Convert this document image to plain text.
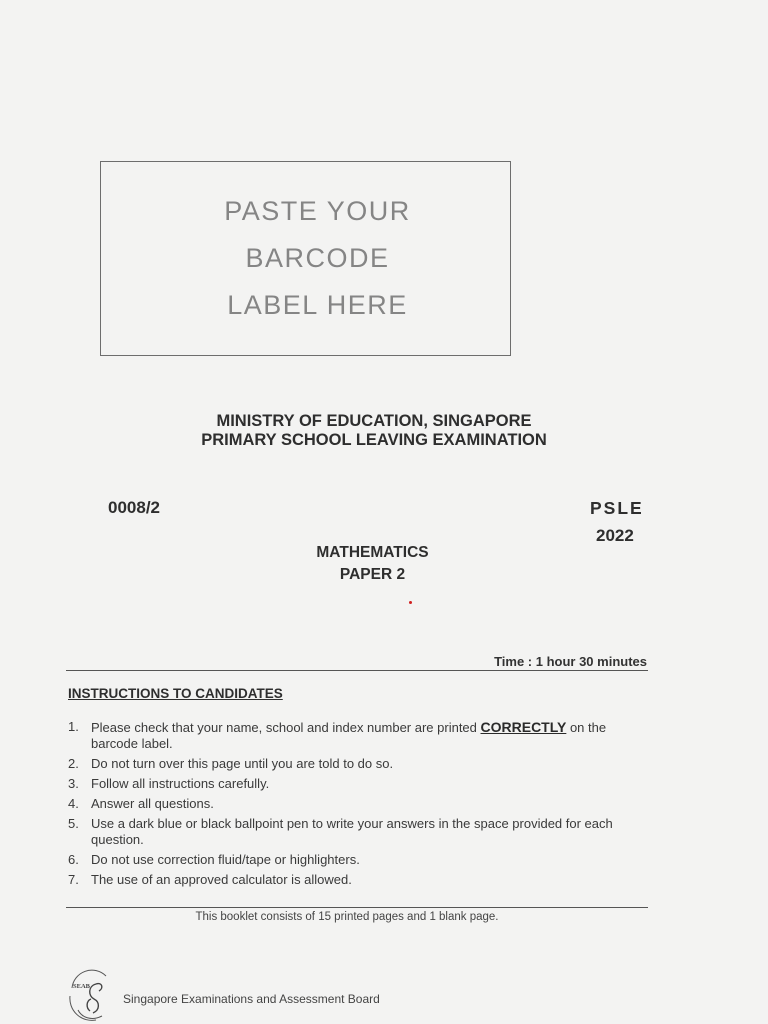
PASTE YOUR
BARCODE
LABEL HERE
MINISTRY OF EDUCATION, SINGAPORE
PRIMARY SCHOOL LEAVING EXAMINATION
0008/2	PSLE
2022
MATHEMATICS
PAPER 2
Time : 1 hour 30 minutes
INSTRUCTIONS TO CANDIDATES
1. Please check that your name, school and index number are printed CORRECTLY on the barcode label.
2. Do not turn over this page until you are told to do so.
3. Follow all instructions carefully.
4. Answer all questions.
5. Use a dark blue or black ballpoint pen to write your answers in the space provided for each question.
6. Do not use correction fluid/tape or highlighters.
7. The use of an approved calculator is allowed.
This booklet consists of 15 printed pages and 1 blank page.
SEAB
Singapore Examinations and Assessment Board
